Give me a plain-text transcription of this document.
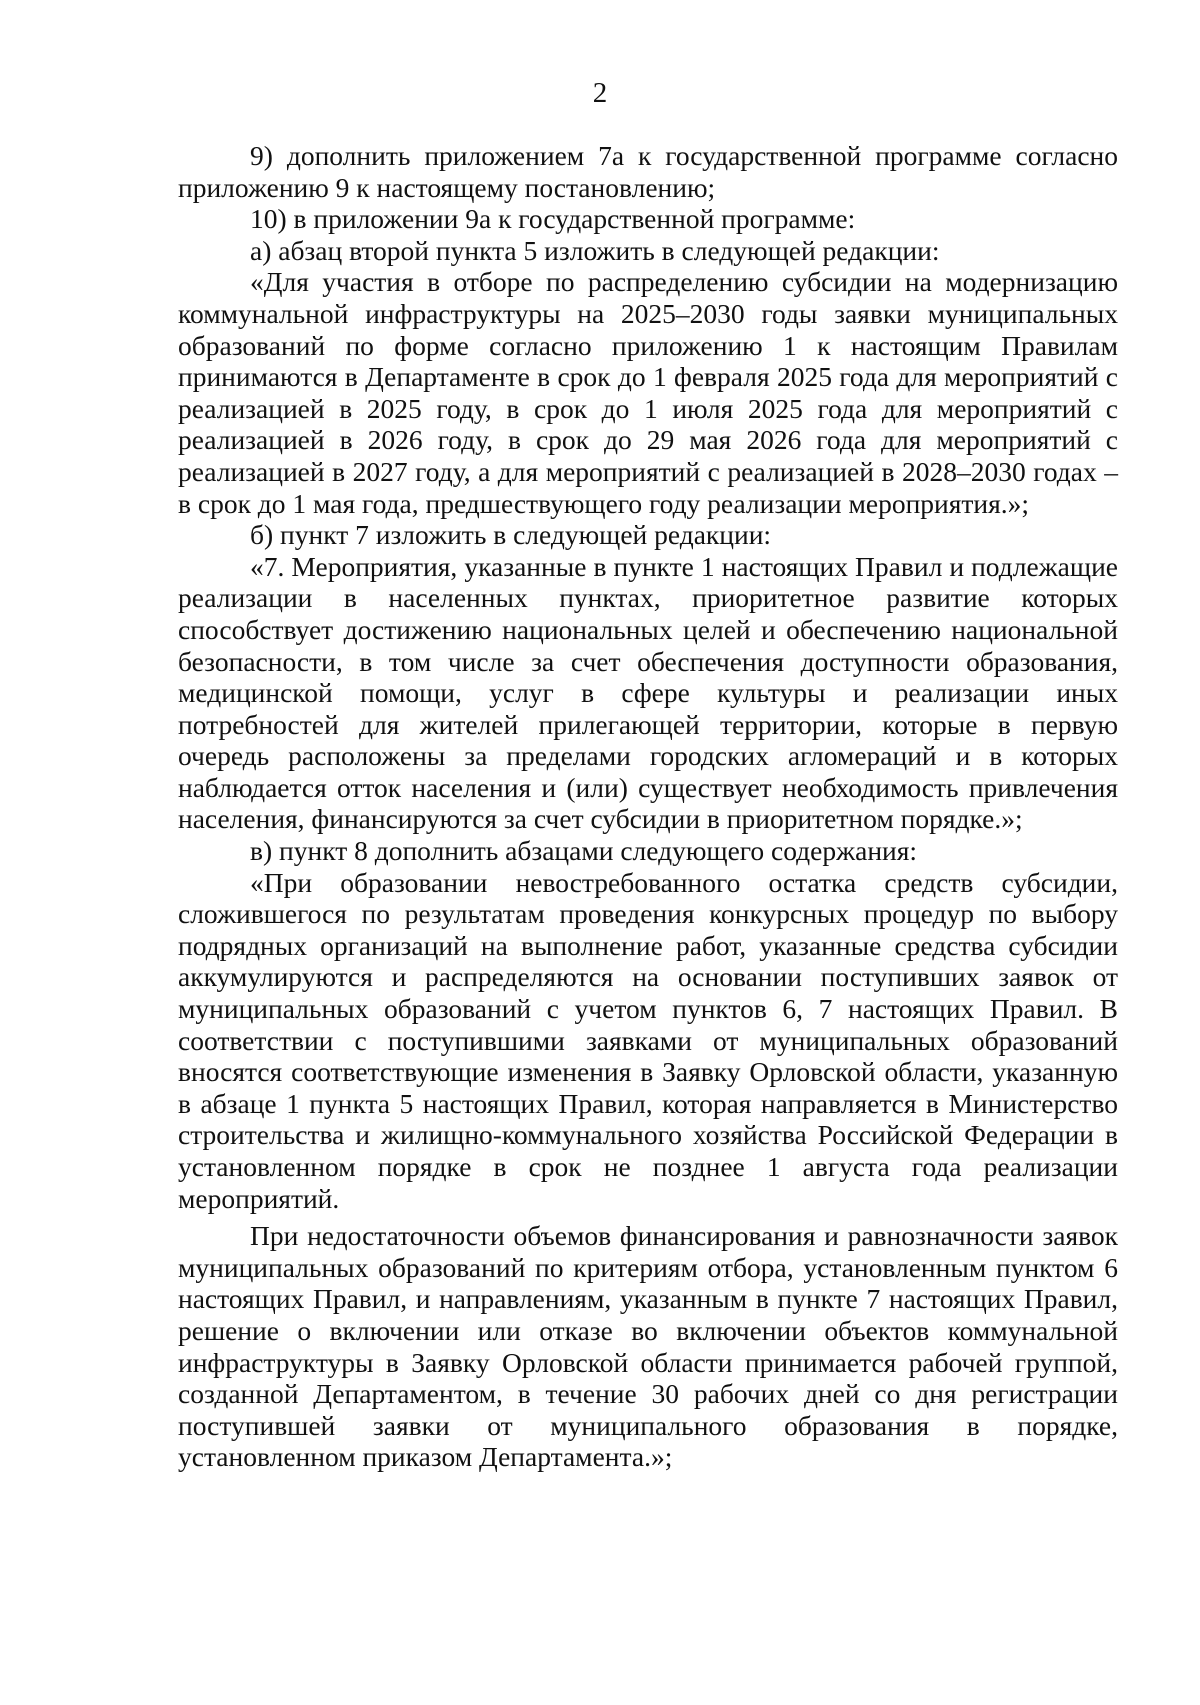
2

9) дополнить приложением 7а к государственной программе согласно приложению 9 к настоящему постановлению;

10) в приложении 9а к государственной программе:

а) абзац второй пункта 5 изложить в следующей редакции:

«Для участия в отборе по распределению субсидии на модернизацию коммунальной инфраструктуры на 2025–2030 годы заявки муниципальных образований по форме согласно приложению 1 к настоящим Правилам принимаются в Департаменте в срок до 1 февраля 2025 года для мероприятий с реализацией в 2025 году, в срок до 1 июля 2025 года для мероприятий с реализацией в 2026 году, в срок до 29 мая 2026 года для мероприятий с реализацией в 2027 году, а для мероприятий с реализацией в 2028–2030 годах – в срок до 1 мая года, предшествующего году реализации мероприятия.»;

б) пункт 7 изложить в следующей редакции:

«7. Мероприятия, указанные в пункте 1 настоящих Правил и подлежащие реализации в населенных пунктах, приоритетное развитие которых способствует достижению национальных целей и обеспечению национальной безопасности, в том числе за счет обеспечения доступности образования, медицинской помощи, услуг в сфере культуры и реализации иных потребностей для жителей прилегающей территории, которые в первую очередь расположены за пределами городских агломераций и в которых наблюдается отток населения и (или) существует необходимость привлечения населения, финансируются за счет субсидии в приоритетном порядке.»;

в) пункт 8 дополнить абзацами следующего содержания:

«При образовании невостребованного остатка средств субсидии, сложившегося по результатам проведения конкурсных процедур по выбору подрядных организаций на выполнение работ, указанные средства субсидии аккумулируются и распределяются на основании поступивших заявок от муниципальных образований с учетом пунктов 6, 7 настоящих Правил. В соответствии с поступившими заявками от муниципальных образований вносятся соответствующие изменения в Заявку Орловской области, указанную в абзаце 1 пункта 5 настоящих Правил, которая направляется в Министерство строительства и жилищно-коммунального хозяйства Российской Федерации в установленном порядке в срок не позднее 1 августа года реализации мероприятий.

При недостаточности объемов финансирования и равнозначности заявок муниципальных образований по критериям отбора, установленным пунктом 6 настоящих Правил, и направлениям, указанным в пункте 7 настоящих Правил, решение о включении или отказе во включении объектов коммунальной инфраструктуры в Заявку Орловской области принимается рабочей группой, созданной Департаментом, в течение 30 рабочих дней со дня регистрации поступившей заявки от муниципального образования в порядке, установленном приказом Департамента.»;
